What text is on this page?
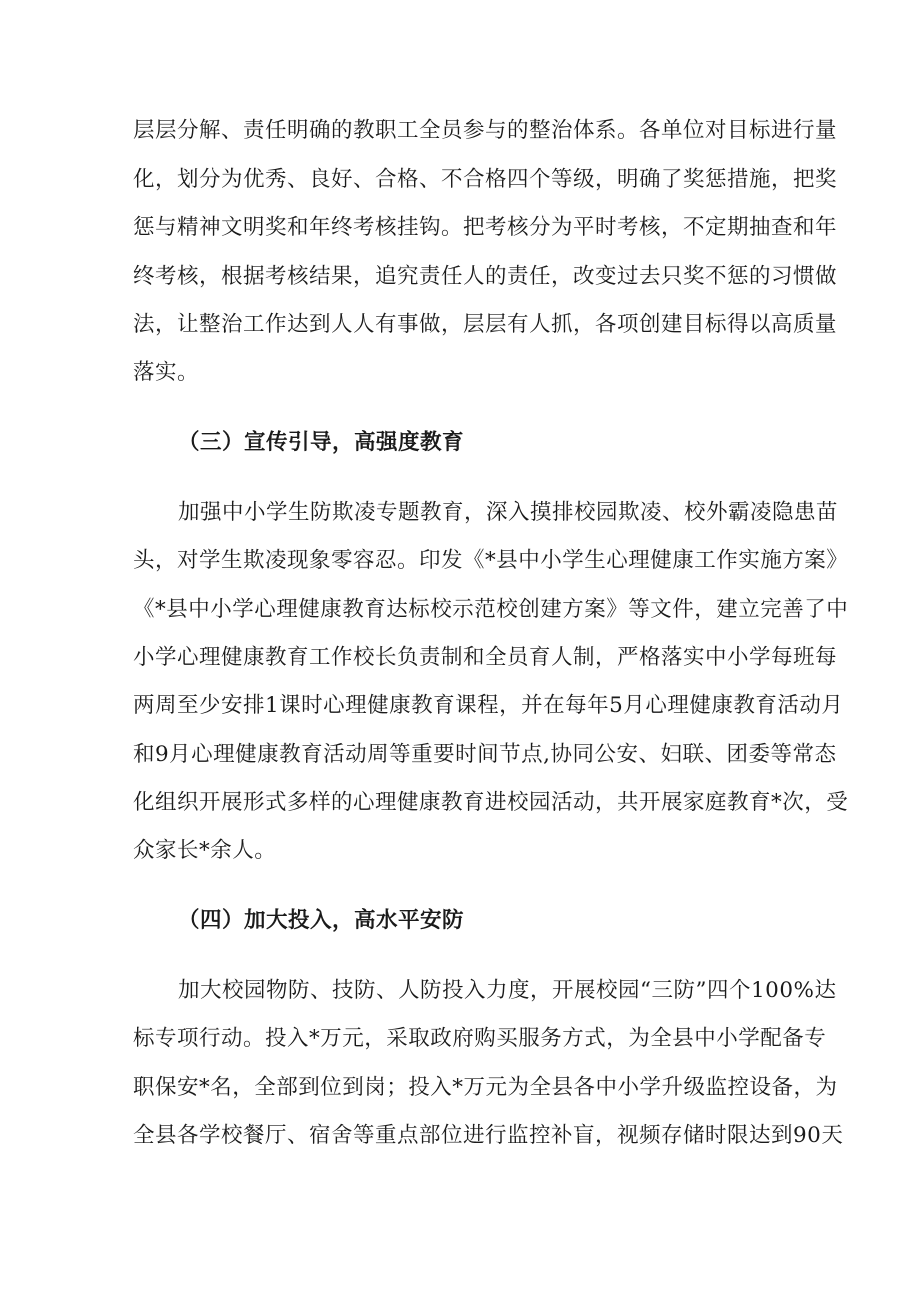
层层分解、责任明确的教职工全员参与的整治体系。各单位对目标进行量
化，划分为优秀、良好、合格、不合格四个等级，明确了奖惩措施，把奖
惩与精神文明奖和年终考核挂钩。把考核分为平时考核，不定期抽查和年
终考核，根据考核结果，追究责任人的责任，改变过去只奖不惩的习惯做
法，让整治工作达到人人有事做，层层有人抓，各项创建目标得以高质量
落实。
（三）宣传引导，高强度教育
加强中小学生防欺凌专题教育，深入摸排校园欺凌、校外霸凌隐患苗
头，对学生欺凌现象零容忍。印发《*县中小学生心理健康工作实施方案》
《*县中小学心理健康教育达标校示范校创建方案》等文件，建立完善了中
小学心理健康教育工作校长负责制和全员育人制，严格落实中小学每班每
两周至少安排1课时心理健康教育课程，并在每年5月心理健康教育活动月
和9月心理健康教育活动周等重要时间节点,协同公安、妇联、团委等常态
化组织开展形式多样的心理健康教育进校园活动，共开展家庭教育*次，受
众家长*余人。
（四）加大投入，高水平安防
加大校园物防、技防、人防投入力度，开展校园“三防”四个100%达
标专项行动。投入*万元，采取政府购买服务方式，为全县中小学配备专
职保安*名，全部到位到岗；投入*万元为全县各中小学升级监控设备，为
全县各学校餐厅、宿舍等重点部位进行监控补盲，视频存储时限达到90天
